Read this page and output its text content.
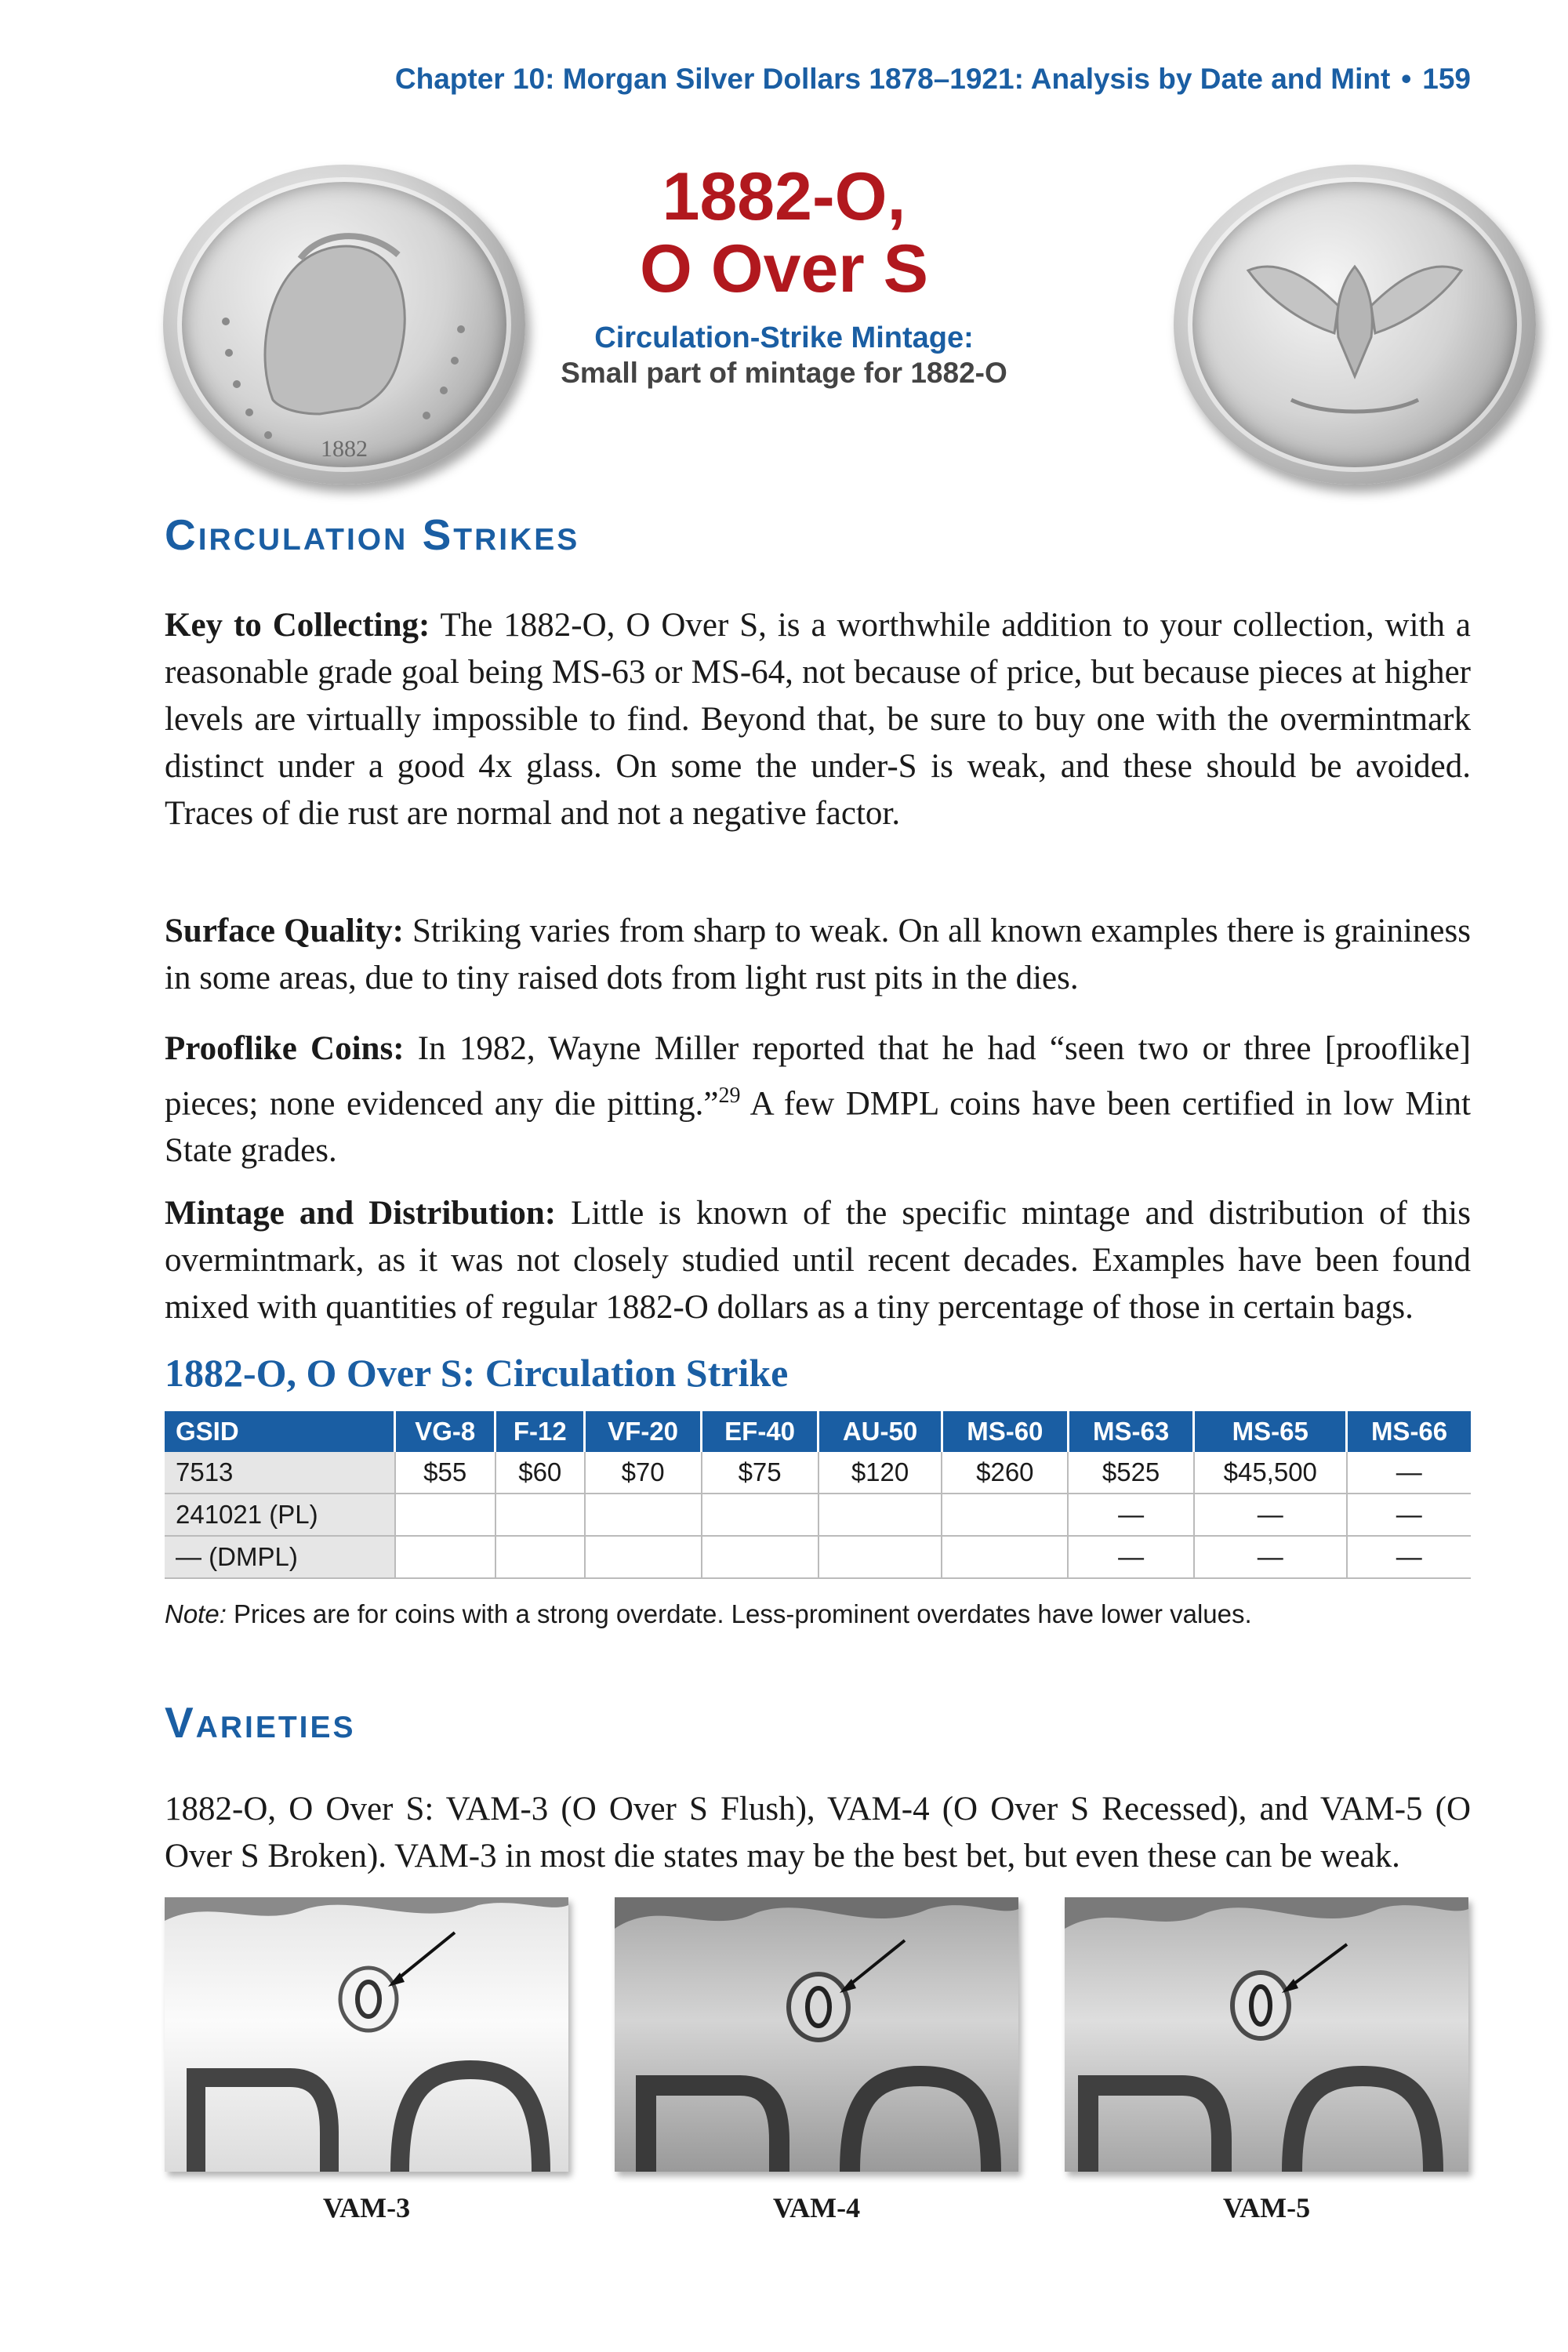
Chapter 10: Morgan Silver Dollars 1878–1921: Analysis by Date and Mint • 159
1882
1882-O,
O Over S
Circulation-Strike Mintage:
Small part of mintage for 1882-O
Circulation Strikes

Key to Collecting: The 1882-O, O Over S, is a worthwhile addition to your collection, with a reasonable grade goal being MS-63 or MS-64, not because of price, but because pieces at higher levels are virtually impossible to find. Beyond that, be sure to buy one with the overmintmark distinct under a good 4x glass. On some the under-S is weak, and these should be avoided. Traces of die rust are normal and not a negative factor.

Surface Quality: Striking varies from sharp to weak. On all known examples there is graininess in some areas, due to tiny raised dots from light rust pits in the dies.

Prooflike Coins: In 1982, Wayne Miller reported that he had “seen two or three [prooflike] pieces; none evidenced any die pitting.”$^{29}$ A few DMPL coins have been certified in low Mint State grades.

Mintage and Distribution: Little is known of the specific mintage and distribution of this overmintmark, as it was not closely studied until recent decades. Examples have been found mixed with quantities of regular 1882-O dollars as a tiny percentage of those in certain bags.

1882-O, O Over S: Circulation Strike
GSID	VG-8	F-12	VF-20	EF-40	AU-50	MS-60	MS-63	MS-65	MS-66
7513	$55	$60	$70	$75	$120	$260	$525	$45,500	—
241021 (PL)							—	—	—
— (DMPL)							—	—	—
Note: Prices are for coins with a strong overdate. Less-prominent overdates have lower values.
Varieties

1882-O, O Over S: VAM-3 (O Over S Flush), VAM-4 (O Over S Recessed), and VAM-5 (O Over S Broken). VAM-3 in most die states may be the best bet, but even these can be weak.

VAM-3	VAM-4	VAM-5
